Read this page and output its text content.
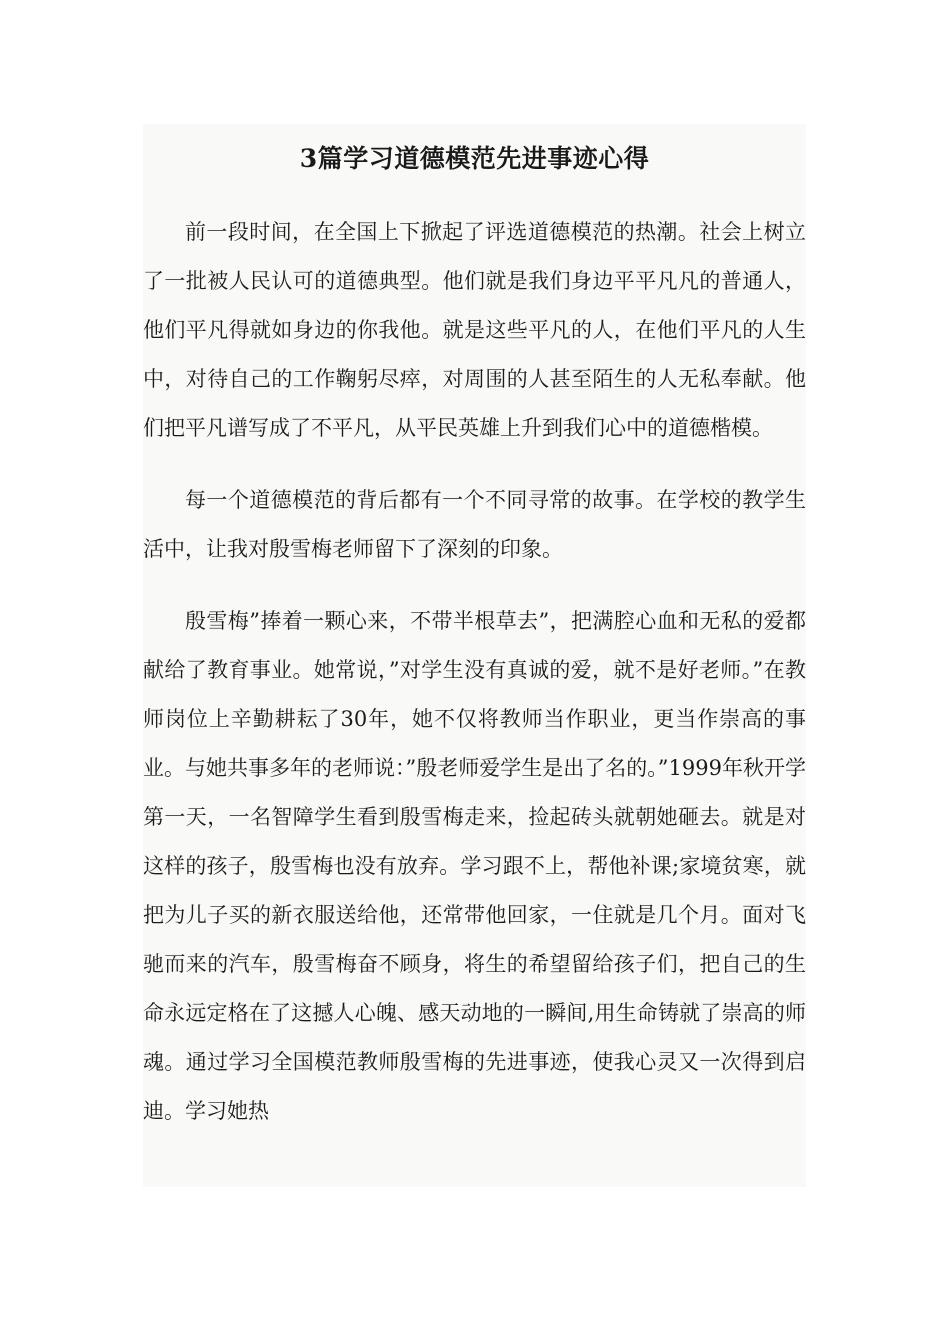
3篇学习道德模范先进事迹心得

前一段时间，在全国上下掀起了评选道德模范的热潮。社会上树立了一批被人民认可的道德典型。他们就是我们身边平平凡凡的普通人，他们平凡得就如身边的你我他。就是这些平凡的人，在他们平凡的人生中，对待自己的工作鞠躬尽瘁，对周围的人甚至陌生的人无私奉献。他们把平凡谱写成了不平凡，从平民英雄上升到我们心中的道德楷模。

每一个道德模范的背后都有一个不同寻常的故事。在学校的教学生活中，让我对殷雪梅老师留下了深刻的印象。

殷雪梅”捧着一颗心来，不带半根草去”，把满腔心血和无私的爱都献给了教育事业。她常说，”对学生没有真诚的爱，就不是好老师。”在教师岗位上辛勤耕耘了30年，她不仅将教师当作职业，更当作崇高的事业。与她共事多年的老师说：”殷老师爱学生是出了名的。”1999年秋开学第一天，一名智障学生看到殷雪梅走来，捡起砖头就朝她砸去。就是对这样的孩子，殷雪梅也没有放弃。学习跟不上，帮他补课;家境贫寒，就把为儿子买的新衣服送给他，还常带他回家，一住就是几个月。面对飞驰而来的汽车，殷雪梅奋不顾身，将生的希望留给孩子们，把自己的生命永远定格在了这撼人心魄、感天动地的一瞬间,用生命铸就了崇高的师魂。通过学习全国模范教师殷雪梅的先进事迹，使我心灵又一次得到启迪。学习她热
